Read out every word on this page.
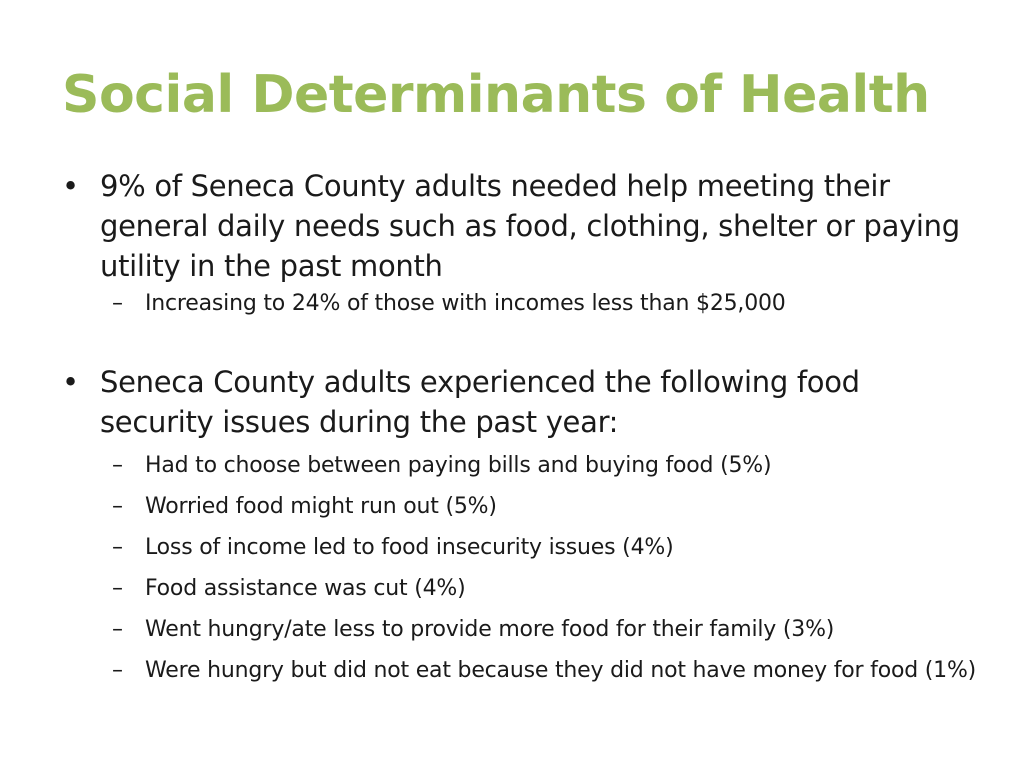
Social Determinants of Health
• 9% of Seneca County adults needed help meeting their general daily needs such as food, clothing, shelter or paying utility in the past month
– Increasing to 24% of those with incomes less than $25,000
• Seneca County adults experienced the following food security issues during the past year:
– Had to choose between paying bills and buying food (5%)
– Worried food might run out (5%)
– Loss of income led to food insecurity issues (4%)
– Food assistance was cut (4%)
– Went hungry/ate less to provide more food for their family (3%)
– Were hungry but did not eat because they did not have money for food (1%)
